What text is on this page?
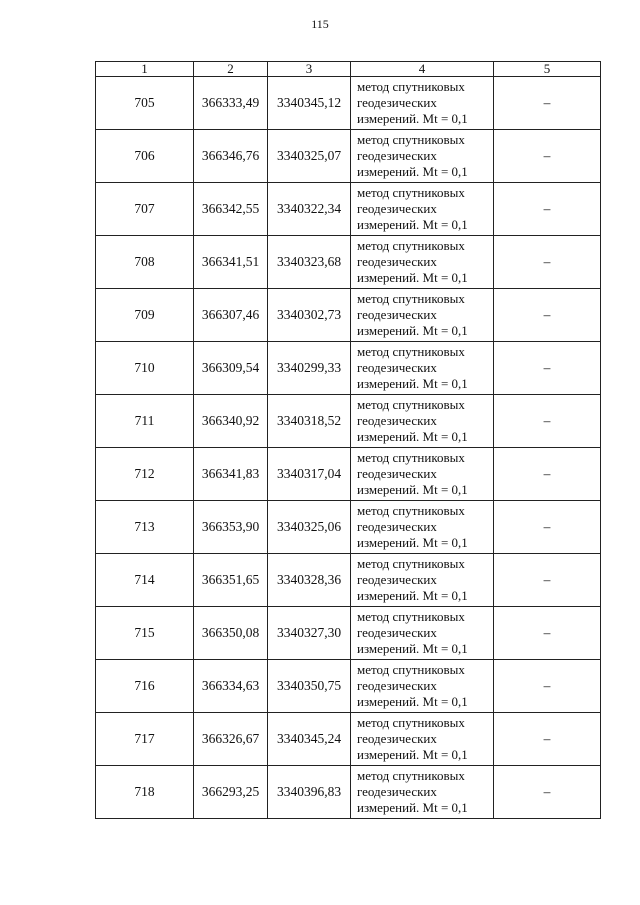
115
1	2	3	4	5
705	366333,49	3340345,12	метод спутниковых
геодезических
измерений. Mt = 0,1	–
706	366346,76	3340325,07	метод спутниковых
геодезических
измерений. Mt = 0,1	–
707	366342,55	3340322,34	метод спутниковых
геодезических
измерений. Mt = 0,1	–
708	366341,51	3340323,68	метод спутниковых
геодезических
измерений. Mt = 0,1	–
709	366307,46	3340302,73	метод спутниковых
геодезических
измерений. Mt = 0,1	–
710	366309,54	3340299,33	метод спутниковых
геодезических
измерений. Mt = 0,1	–
711	366340,92	3340318,52	метод спутниковых
геодезических
измерений. Mt = 0,1	–
712	366341,83	3340317,04	метод спутниковых
геодезических
измерений. Mt = 0,1	–
713	366353,90	3340325,06	метод спутниковых
геодезических
измерений. Mt = 0,1	–
714	366351,65	3340328,36	метод спутниковых
геодезических
измерений. Mt = 0,1	–
715	366350,08	3340327,30	метод спутниковых
геодезических
измерений. Mt = 0,1	–
716	366334,63	3340350,75	метод спутниковых
геодезических
измерений. Mt = 0,1	–
717	366326,67	3340345,24	метод спутниковых
геодезических
измерений. Mt = 0,1	–
718	366293,25	3340396,83	метод спутниковых
геодезических
измерений. Mt = 0,1	–
